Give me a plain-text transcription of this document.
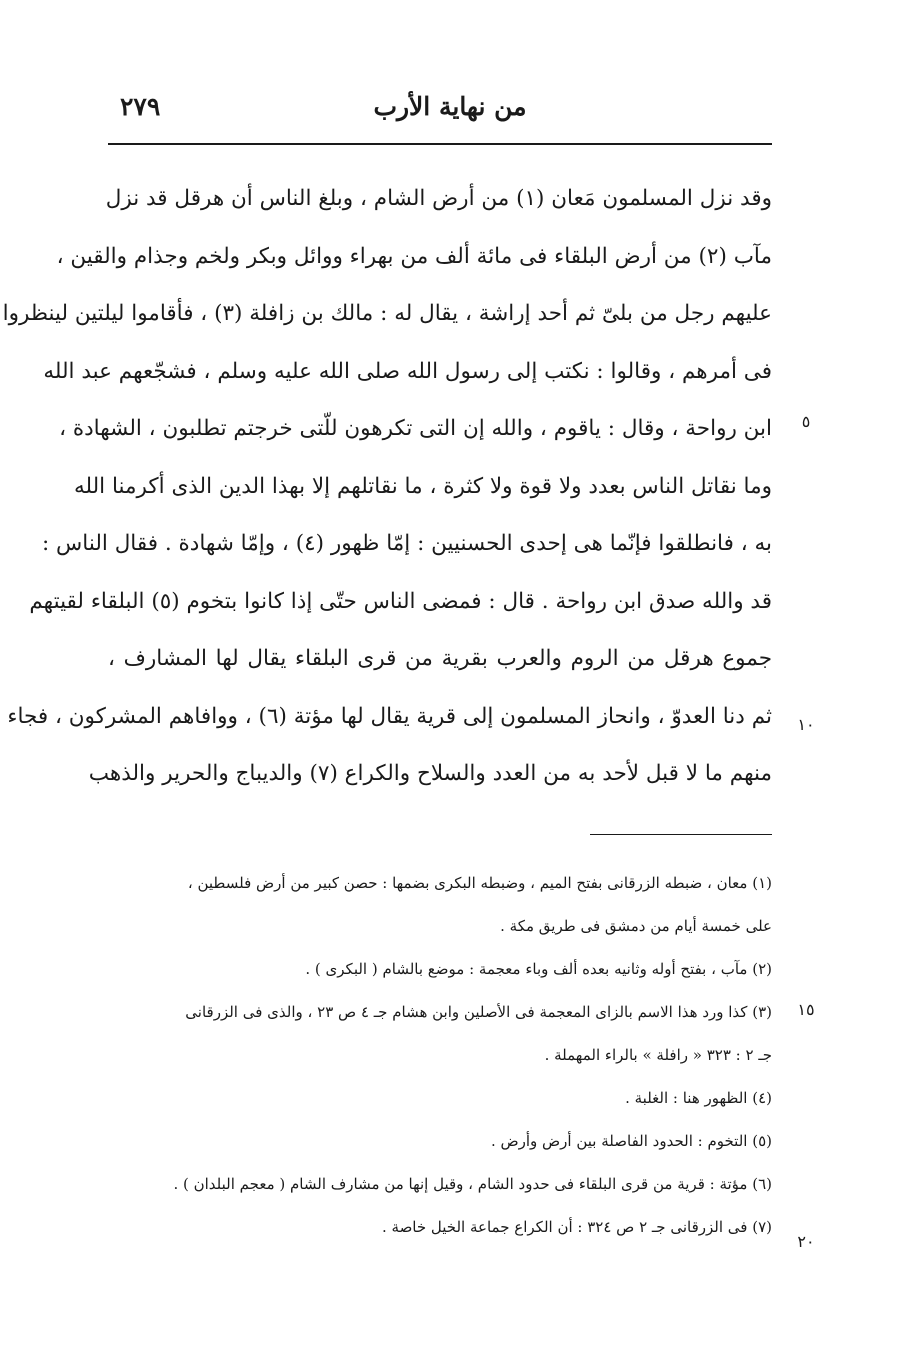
٢٧٩	من نهاية الأرب
وقد نزل المسلمون مَعان (١) من أرض الشام ، وبلغ الناس أن هرقل قد نزل
مآب (٢) من أرض البلقاء فى مائة ألف من بهراء ووائل وبكر ولخم وجذام والقين ،
عليهم رجل من بلىّ ثم أحد إراشة ، يقال له : مالك بن زافلة (٣) ، فأقاموا ليلتين لينظروا
فى أمرهم ، وقالوا : نكتب إلى رسول الله صلى الله عليه وسلم ، فشجّعهم عبد الله
ابن رواحة ، وقال : ياقوم ، والله إن التى تكرهون للّتى خرجتم تطلبون ، الشهادة ،
وما نقاتل الناس بعدد ولا قوة ولا كثرة ، ما نقاتلهم إلا بهذا الدين الذى أكرمنا الله
به ، فانطلقوا فإنّما هى إحدى الحسنيين : إمّا ظهور (٤) ، وإمّا شهادة . فقال الناس :
قد والله صدق ابن رواحة . قال : فمضى الناس حتّى إذا كانوا بتخوم (٥) البلقاء لقيتهم
جموع هرقل من الروم والعرب بقرية من قرى البلقاء يقال لها المشارف ،
ثم دنا العدوّ ، وانحاز المسلمون إلى قرية يقال لها مؤتة (٦) ، ووافاهم المشركون ، فجاء
منهم ما لا قبل لأحد به من العدد والسلاح والكراع (٧) والديباج والحرير والذهب
(١) معان ، ضبطه الزرقانى بفتح الميم ، وضبطه البكرى بضمها : حصن كبير من أرض فلسطين ،
على خمسة أيام من دمشق فى طريق مكة .
(٢) مآب ، بفتح أوله وثانيه بعده ألف وباء معجمة : موضع بالشام ( البكرى ) .
(٣) كذا ورد هذا الاسم بالزاى المعجمة فى الأصلين وابن هشام جـ ٤ ص ٢٣ ، والذى فى الزرقانى
جـ ٢ : ٣٢٣ « رافلة » بالراء المهملة .
(٤) الظهور هنا : الغلبة .
(٥) التخوم : الحدود الفاصلة بين أرض وأرض .
(٦) مؤتة : قرية من قرى البلقاء فى حدود الشام ، وقيل إنها من مشارف الشام ( معجم البلدان ) .
(٧) فى الزرقانى جـ ٢ ص ٣٢٤ : أن الكراع جماعة الخيل خاصة .
٥
١٠
١٥
٢٠
